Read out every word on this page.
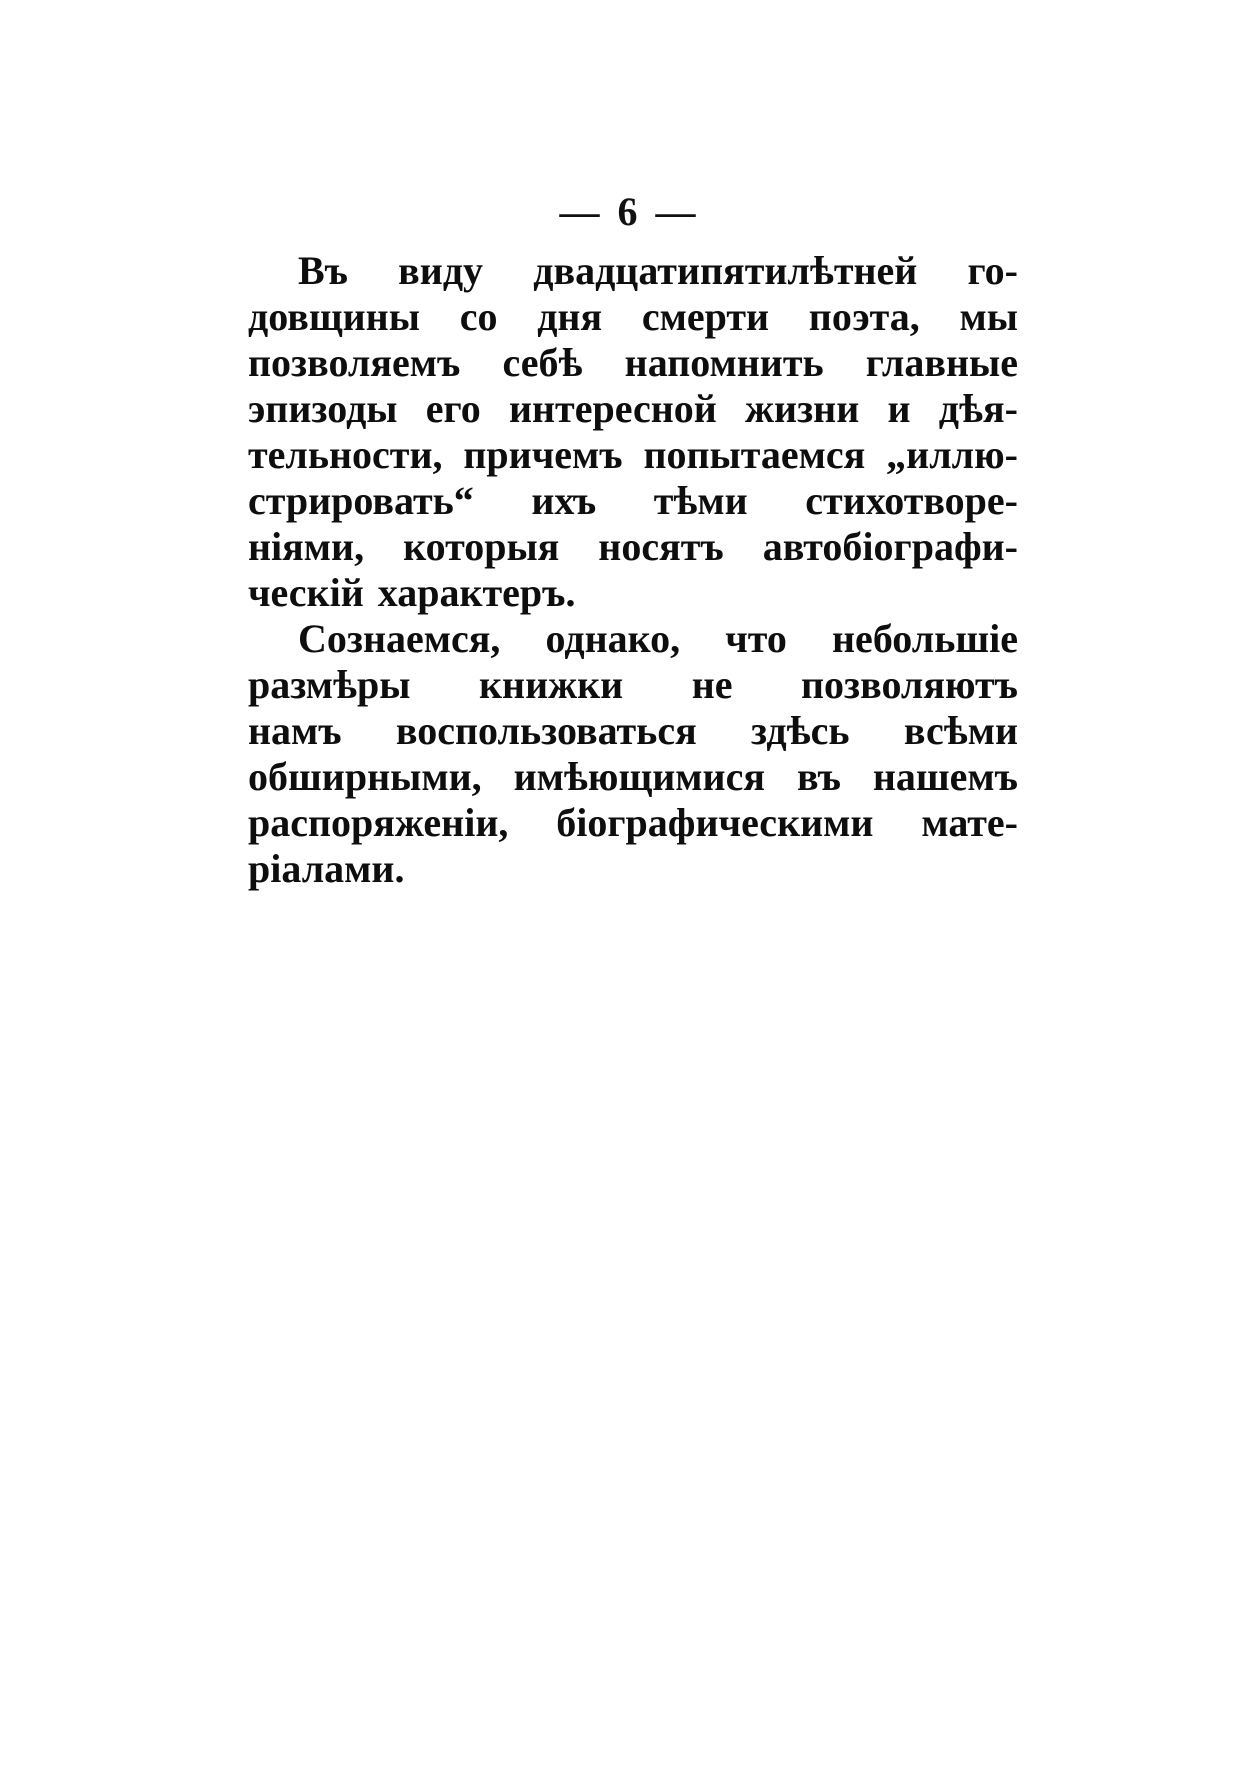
— 6 —
Въ виду двадцатипятилѣтней го-
довщины со дня смерти поэта, мы
позволяемъ себѣ напомнить главные
эпизоды его интересной жизни и дѣя-
тельности, причемъ попытаемся „иллю-
стрировать“ ихъ тѣми стихотворе-
ніями, которыя носятъ автобіографи-
ческій характеръ.
Сознаемся, однако, что небольшіе
размѣры книжки не позволяютъ
намъ воспользоваться здѣсь всѣми
обширными, имѣющимися въ нашемъ
распоряженіи, біографическими мате-
ріалами.
